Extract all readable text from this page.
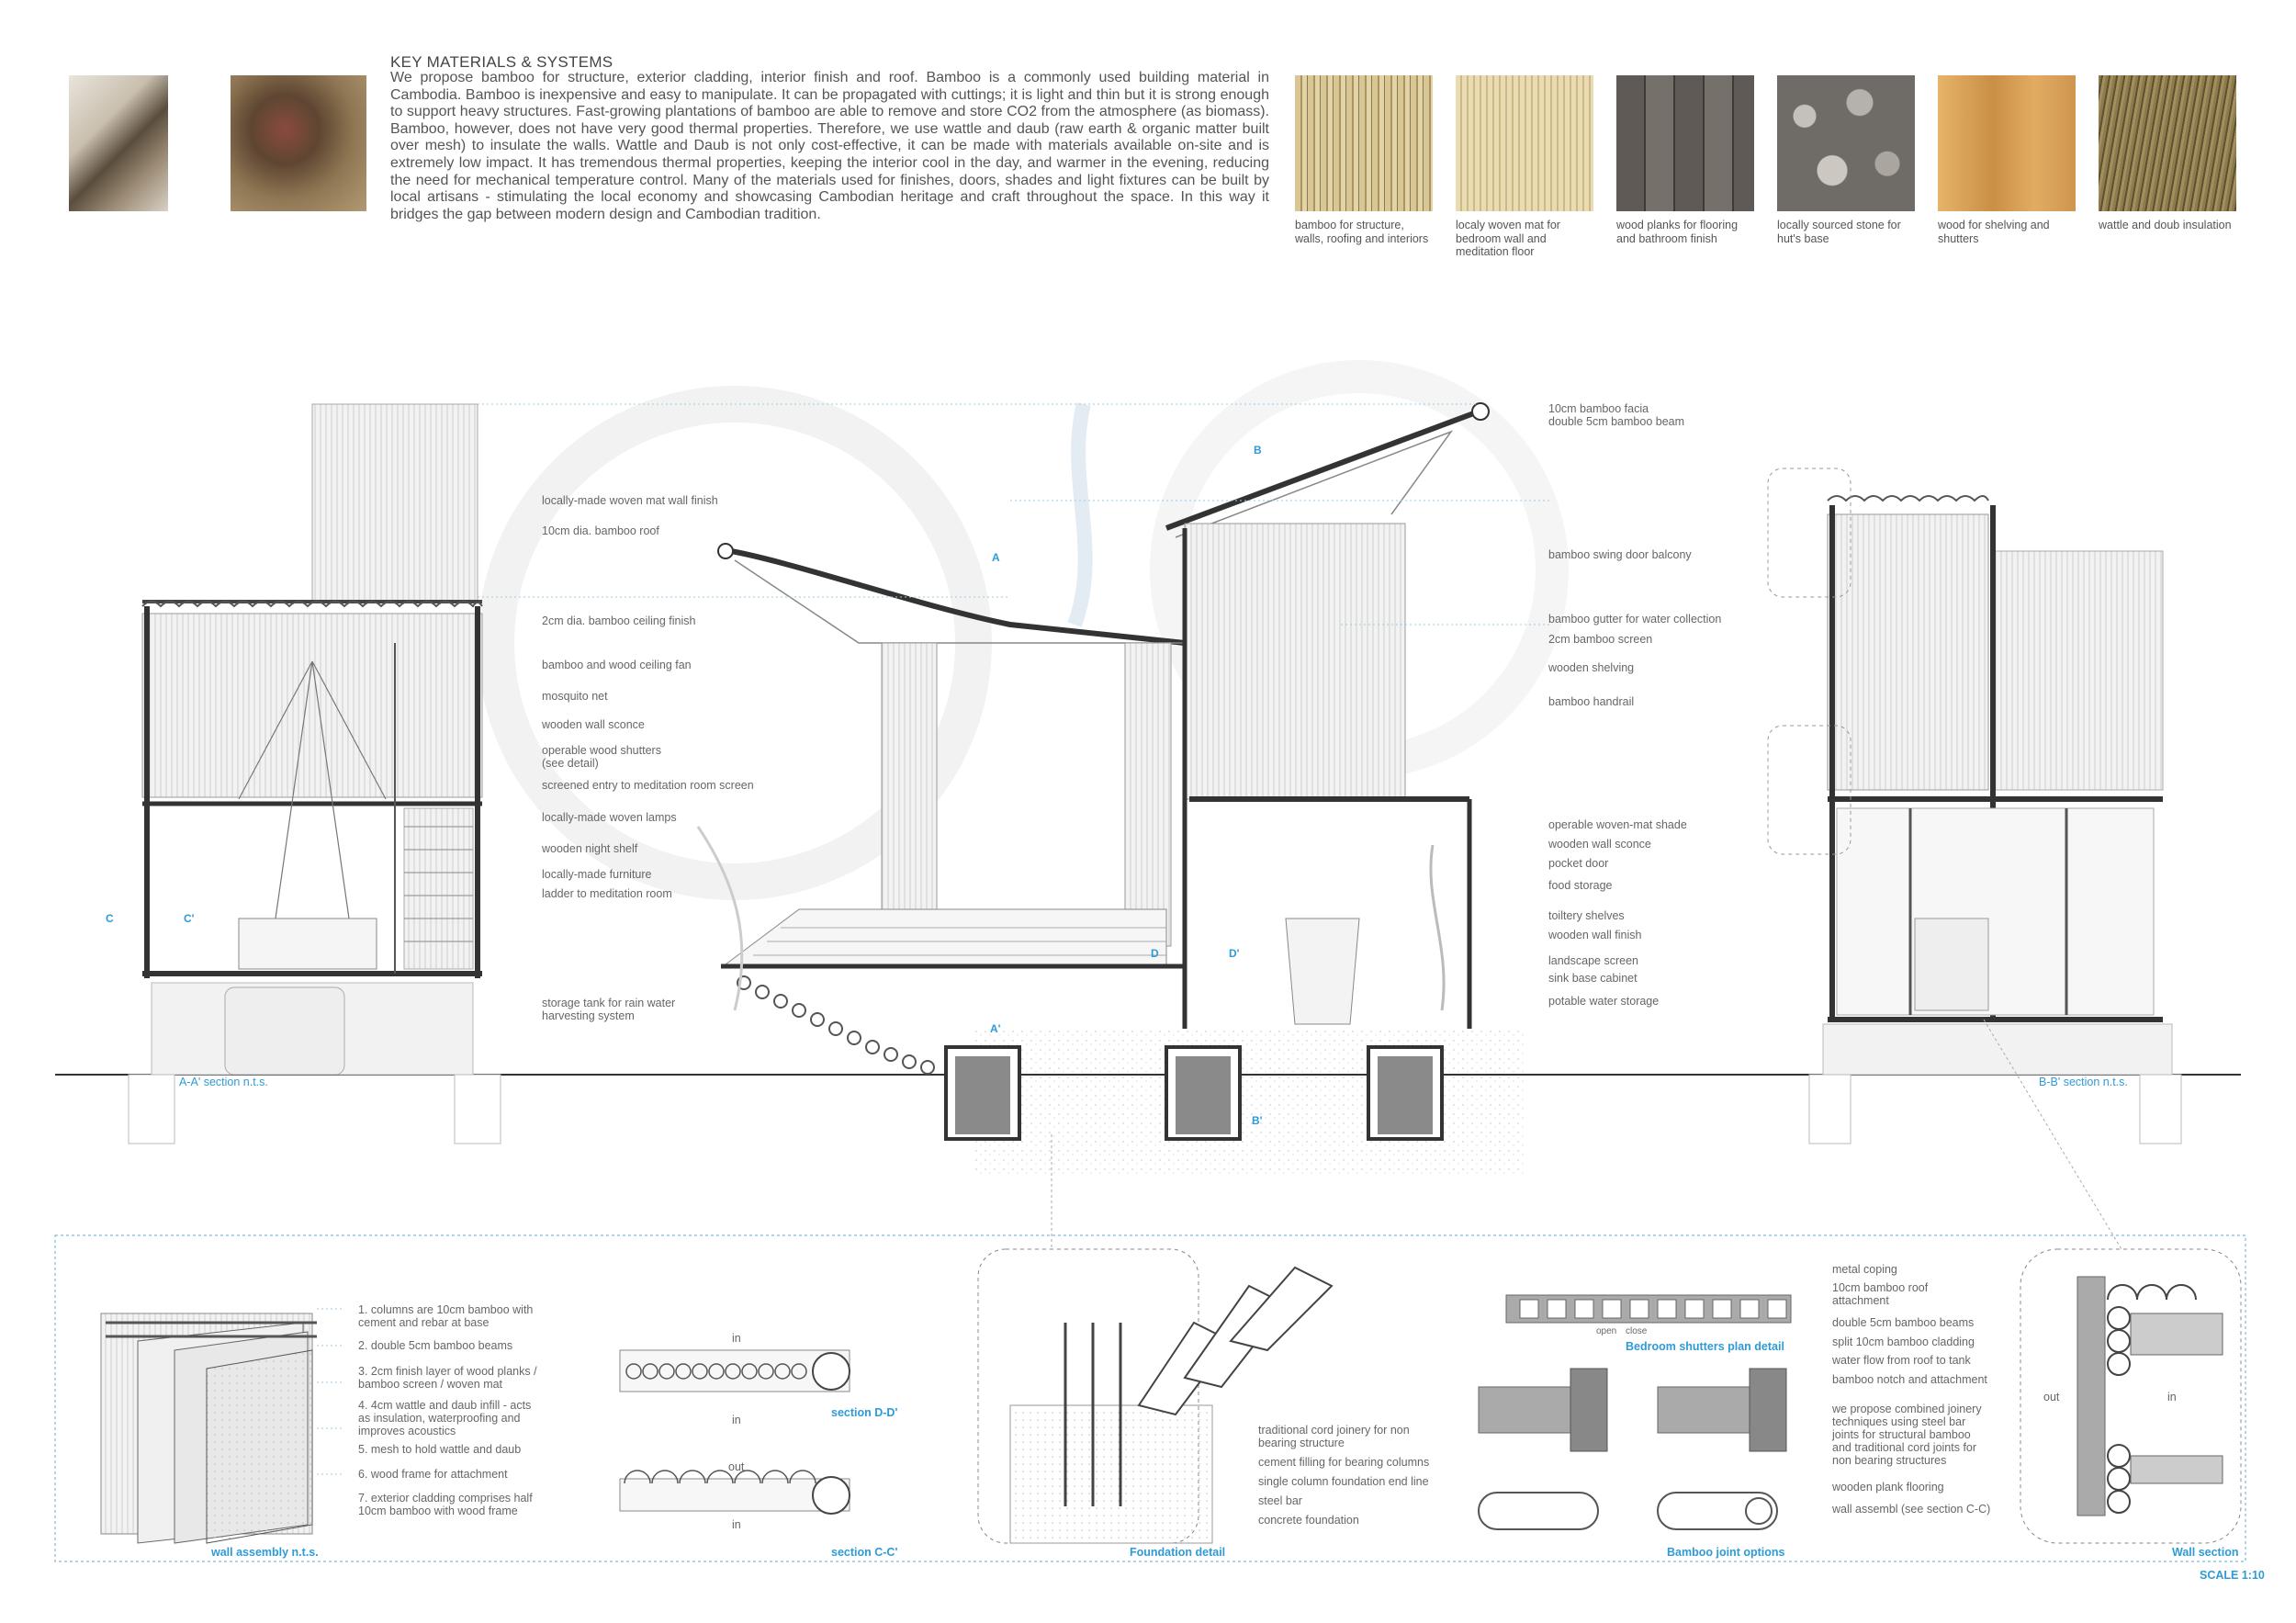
KEY MATERIALS & SYSTEMS
We propose bamboo for structure, exterior cladding, interior finish and roof. Bamboo is a commonly used building material in Cambodia. Bamboo is inexpensive and easy to manipulate. It can be propagated with cuttings; it is light and thin but it is strong enough to support heavy structures. Fast-growing plantations of bamboo are able to remove and store CO2 from the atmosphere (as biomass). Bamboo, however, does not have very good thermal properties. Therefore, we use wattle and daub (raw earth & organic matter built over mesh) to insulate the walls. Wattle and Daub is not only cost-effective, it can be made with materials available on-site and is extremely low impact. It has tremendous thermal properties, keeping the interior cool in the day, and warmer in the evening, reducing the need for mechanical temperature control. Many of the materials used for finishes, doors, shades and light fixtures can be built by local artisans - stimulating the local economy and showcasing Cambodian heritage and craft throughout the space. In this way it bridges the gap between modern design and Cambodian tradition.
bamboo for structure, walls, roofing and interiors
localy woven mat for bedroom wall and meditation floor
wood planks for flooring and bathroom finish
locally sourced stone for hut's base
wood for shelving and shutters
wattle and doub insulation
locally-made woven mat wall finish
10cm dia. bamboo roof
2cm dia. bamboo ceiling finish
bamboo and wood ceiling fan
mosquito net
wooden wall sconce
operable wood shutters
(see detail)
screened entry to meditation room screen
locally-made woven lamps
wooden night shelf
locally-made furniture
ladder to meditation room
storage tank for rain water
harvesting system
10cm bamboo facia
double 5cm bamboo beam
bamboo swing door balcony
bamboo gutter for water collection
2cm bamboo screen
wooden shelving
bamboo handrail
operable woven-mat shade
wooden wall sconce
pocket door
food storage
toiltery shelves
wooden wall finish
landscape screen
sink base cabinet
potable water storage
A
A'
B
B'
C	C'
D	D'
A-A' section n.t.s.	B-B' section n.t.s.
1. columns are 10cm bamboo with
cement and rebar at base
2. double 5cm bamboo beams
3. 2cm finish layer of wood planks /
bamboo screen / woven mat
4. 4cm wattle and daub infill - acts
as insulation, waterproofing and
improves acoustics
5. mesh to hold wattle and daub
6. wood frame for attachment
7. exterior cladding comprises half
10cm bamboo with wood frame
wall assembly n.t.s.
in
in
out
in
section D-D'
section C-C'
traditional cord joinery for non
bearing structure
cement filling for bearing columns
single column foundation end line
steel bar
concrete foundation
Foundation detail
open close
Bedroom shutters plan detail
Bamboo joint options
metal coping
10cm bamboo roof
attachment
double 5cm bamboo beams
split 10cm bamboo cladding
water flow from roof to tank
bamboo notch and attachment
we propose combined joinery
techniques using steel bar
joints for structural bamboo
and traditional cord joints for
non bearing structures
wooden plank flooring
wall assembl (see section C-C)
out	in
Wall section
SCALE 1:10
